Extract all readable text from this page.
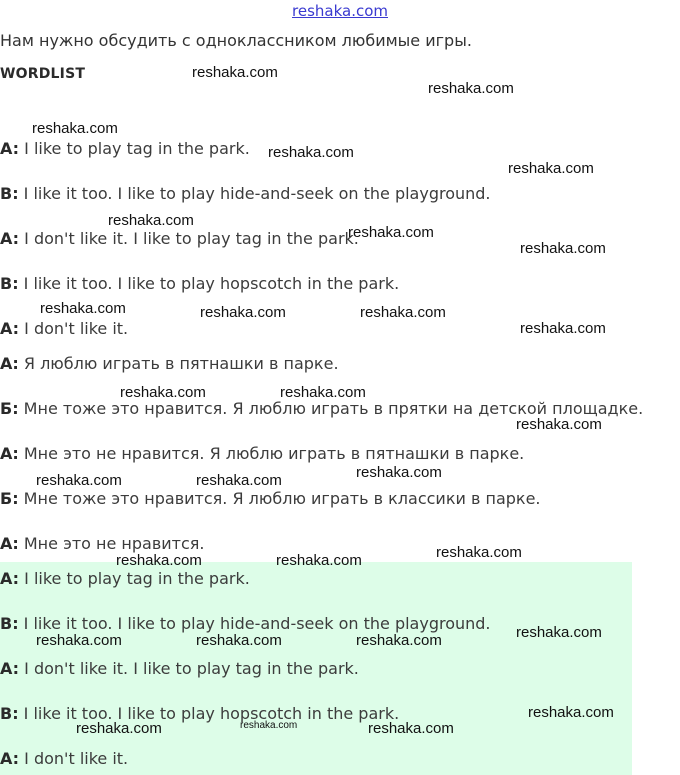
reshaka.com
Нам нужно обсудить с одноклассником любимые игры.
WORDLIST
A: I like to play tag in the park.
B: I like it too. I like to play hide-and-seek on the playground.
A: I don't like it. I like to play tag in the park.
B: I like it too. I like to play hopscotch in the park.
A: I don't like it.
А: Я люблю играть в пятнашки в парке.
Б: Мне тоже это нравится. Я люблю играть в прятки на детской площадке.
А: Мне это не нравится. Я люблю играть в пятнашки в парке.
Б: Мне тоже это нравится. Я люблю играть в классики в парке.
А: Мне это не нравится.
A: I like to play tag in the park.
B: I like it too. I like to play hide-and-seek on the playground.
A: I don't like it. I like to play tag in the park.
B: I like it too. I like to play hopscotch in the park.
A: I don't like it.
reshaka.com
reshaka.com
reshaka.com
reshaka.com
reshaka.com
reshaka.com
reshaka.com
reshaka.com
reshaka.com	reshaka.com	reshaka.com
reshaka.com
reshaka.com	reshaka.com
reshaka.com
reshaka.com
reshaka.com	reshaka.com
reshaka.com
reshaka.com	reshaka.com
reshaka.com
reshaka.com	reshaka.com	reshaka.com
reshaka.com
reshaka.com	reshaka.com	reshaka.com
